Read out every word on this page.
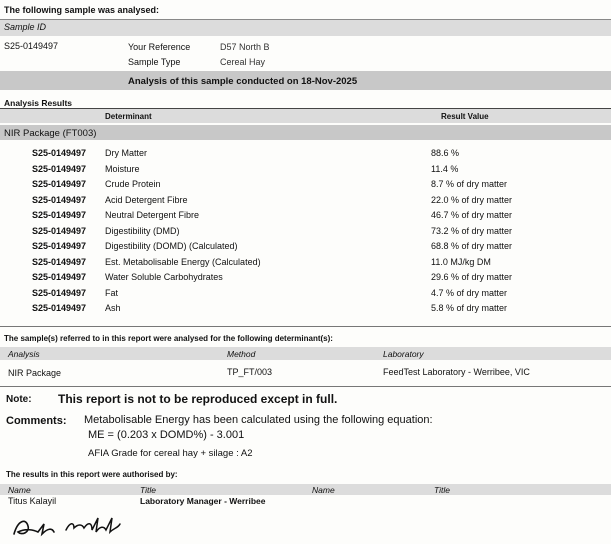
The following sample was analysed:
Sample ID
S25-0149497	Your Reference	D57 North B
Sample Type	Cereal Hay
Analysis of this sample conducted on 18-Nov-2025
Analysis Results
Determinant	Result Value
NIR Package (FT003)
S25-0149497 Dry Matter	88.6 %
S25-0149497 Moisture	11.4 %
S25-0149497 Crude Protein	8.7 % of dry matter
S25-0149497 Acid Detergent Fibre	22.0 % of dry matter
S25-0149497 Neutral Detergent Fibre	46.7 % of dry matter
S25-0149497 Digestibility (DMD)	73.2 % of dry matter
S25-0149497 Digestibility (DOMD) (Calculated)	68.8 % of dry matter
S25-0149497 Est. Metabolisable Energy (Calculated)	11.0 MJ/kg DM
S25-0149497 Water Soluble Carbohydrates	29.6 % of dry matter
S25-0149497 Fat	4.7 % of dry matter
S25-0149497 Ash	5.8 % of dry matter
The sample(s) referred to in this report were analysed for the following determinant(s):
Analysis	Method	Laboratory
NIR Package	TP_FT/003	FeedTest Laboratory - Werribee, VIC
Note: This report is not to be reproduced except in full.
Comments: Metabolisable Energy has been calculated using the following equation:
ME = (0.203 x DOMD%) - 3.001
AFIA Grade for cereal hay + silage : A2
The results in this report were authorised by:
Name	Title	Name	Title
Titus Kalayil	Laboratory Manager - Werribee
